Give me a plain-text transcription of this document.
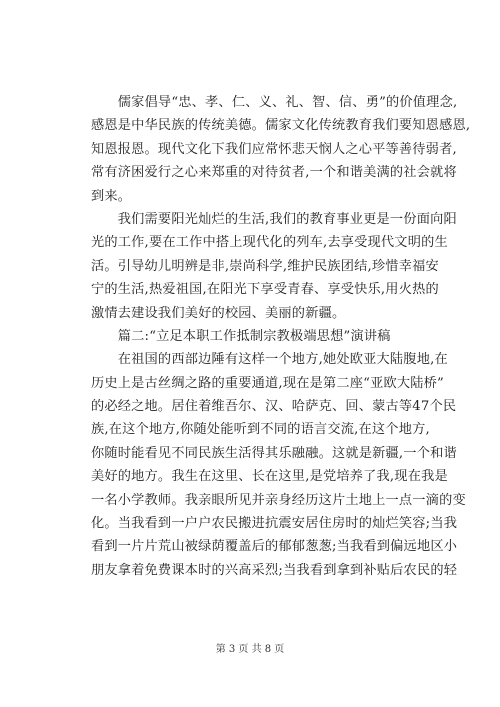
　　儒家倡导“忠、孝、仁、义、礼、智、信、勇”的价值理念,
感恩是中华民族的传统美德。儒家文化传统教育我们要知恩感恩,
知恩报恩。现代文化下我们应常怀悲天悯人之心平等善待弱者,
常有济困爱行之心来郑重的对待贫者,一个和谐美满的社会就将
到来。
　　我们需要阳光灿烂的生活,我们的教育事业更是一份面向阳
光的工作,要在工作中搭上现代化的列车,去享受现代文明的生
活。引导幼儿明辨是非,崇尚科学,维护民族团结,珍惜幸福安
宁的生活,热爱祖国,在阳光下享受青春、享受快乐,用火热的
激情去建设我们美好的校园、美丽的新疆。
　　篇二:“立足本职工作抵制宗教极端思想”演讲稿
　　在祖国的西部边陲有这样一个地方,她处欧亚大陆腹地,在
历史上是古丝绸之路的重要通道,现在是第二座“亚欧大陆桥”
的必经之地。居住着维吾尔、汉、哈萨克、回、蒙古等47个民
族,在这个地方,你随处能听到不同的语言交流,在这个地方,
你随时能看见不同民族生活得其乐融融。这就是新疆,一个和谐
美好的地方。我生在这里、长在这里,是党培养了我,现在我是
一名小学教师。我亲眼所见并亲身经历这片土地上一点一滴的变
化。当我看到一户户农民搬进抗震安居住房时的灿烂笑容;当我
看到一片片荒山被绿荫覆盖后的郁郁葱葱;当我看到偏远地区小
朋友拿着免费课本时的兴高采烈;当我看到拿到补贴后农民的轻
第 3 页 共 8 页
